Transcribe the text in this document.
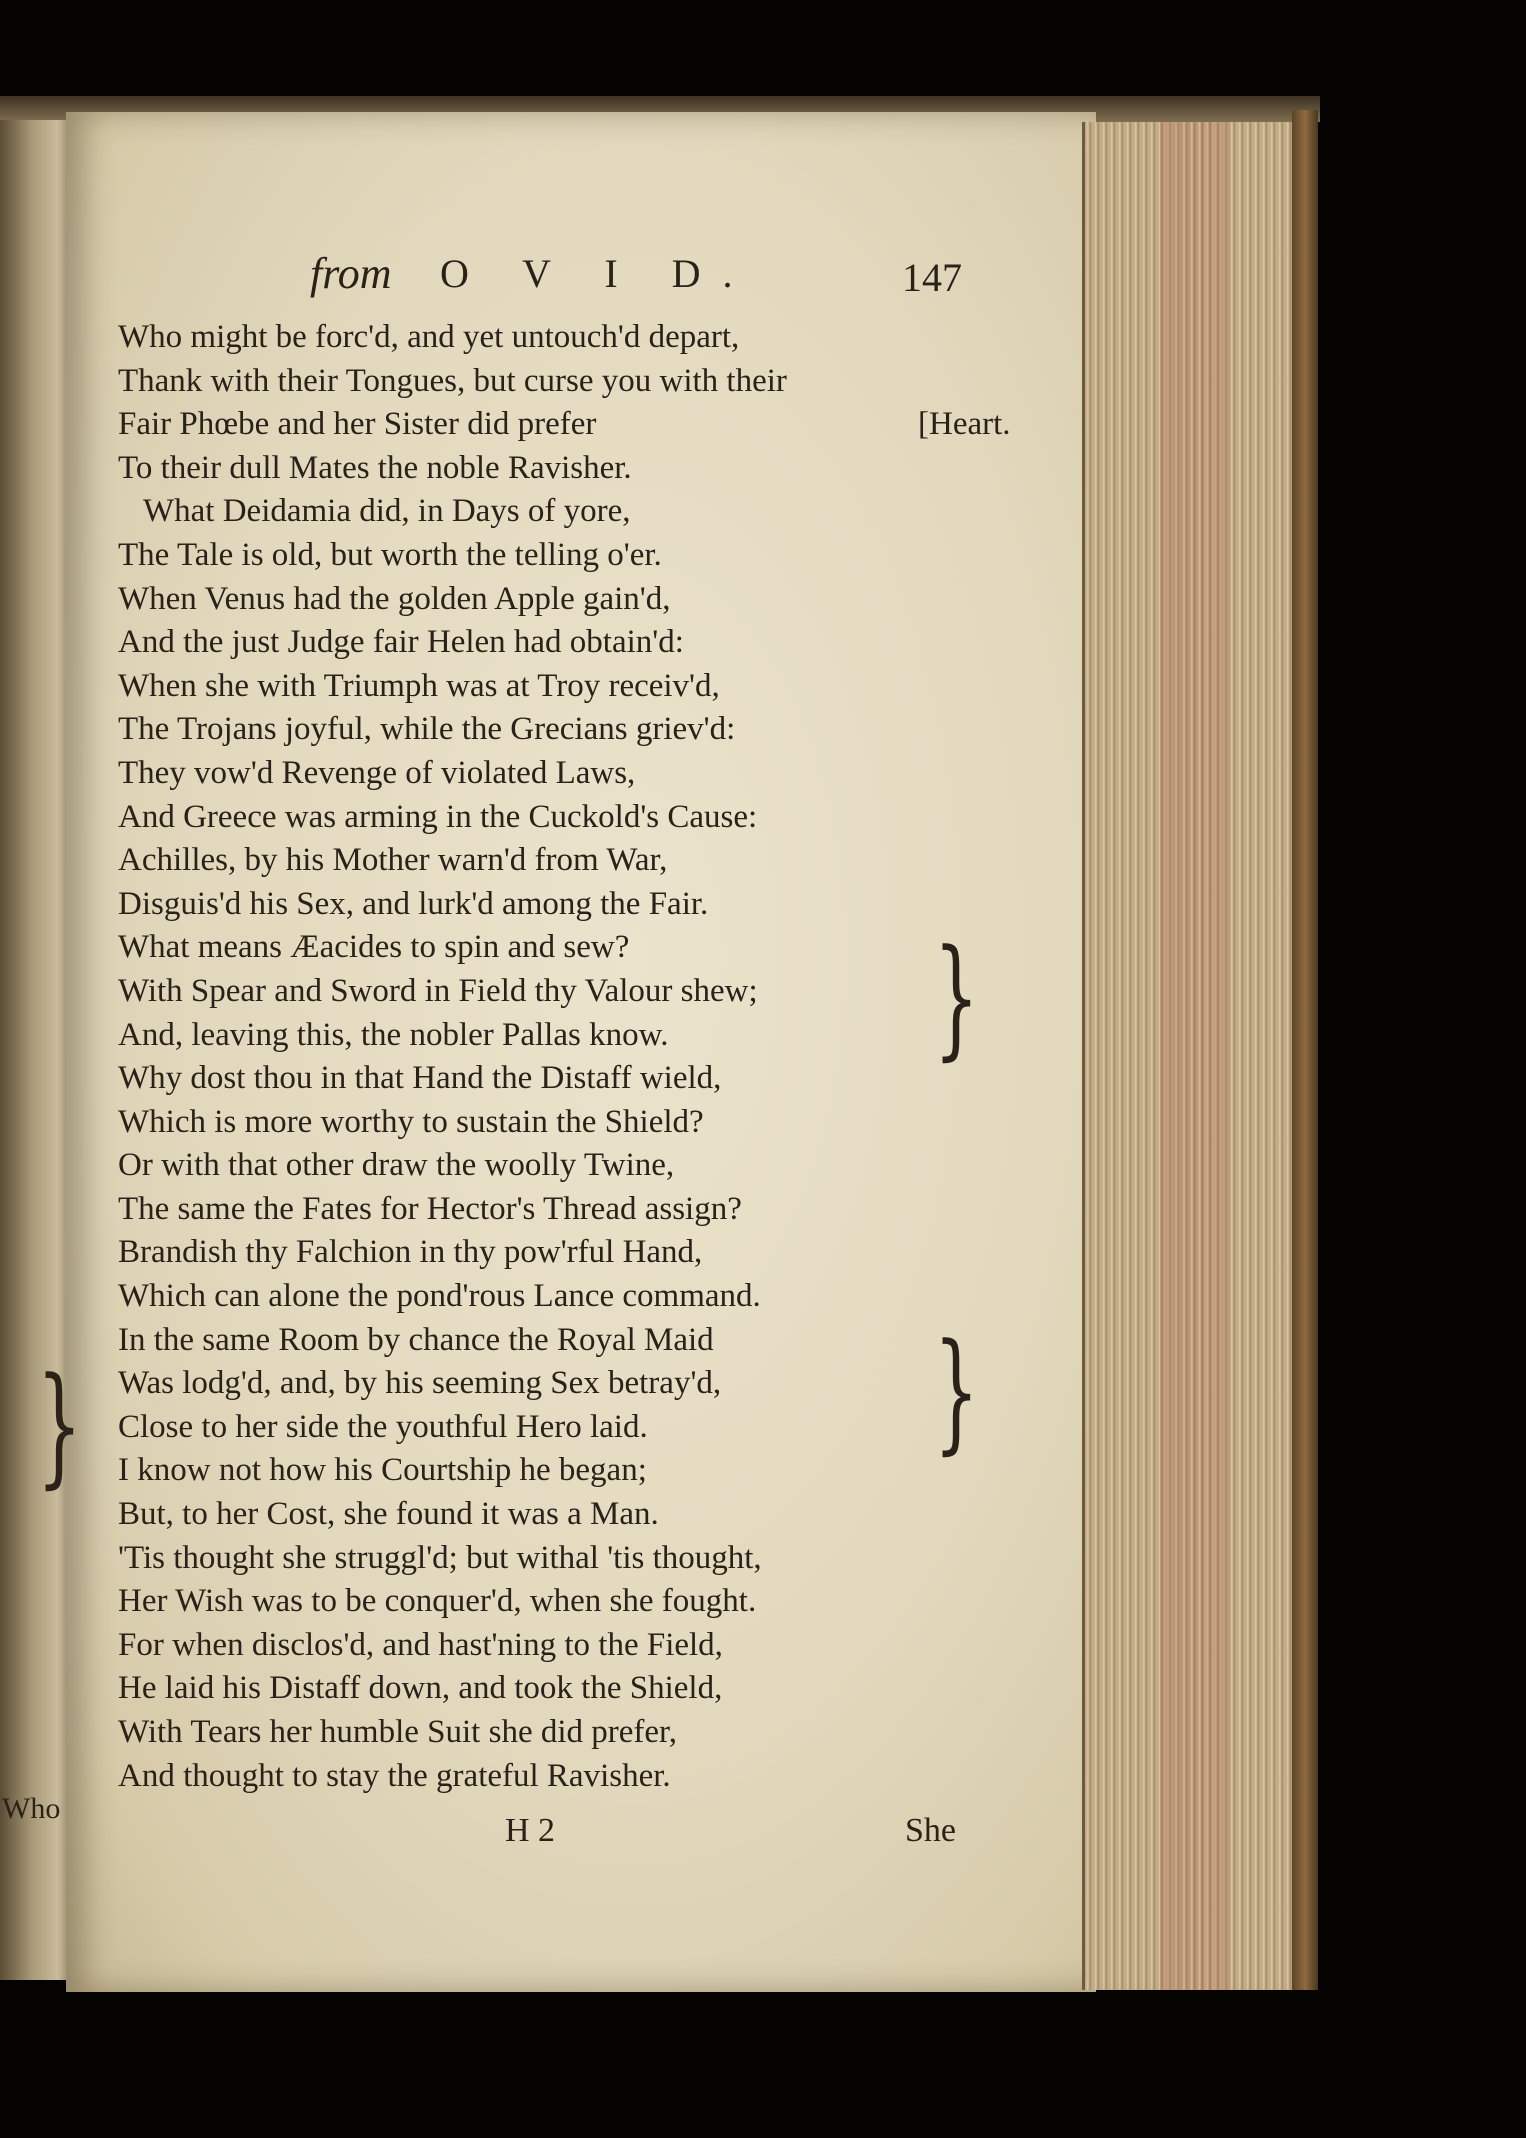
Who
from O V I D.	147
Who might be forc'd, and yet untouch'd depart,
Thank with their Tongues, but curse you with their
Fair Phœbe and her Sister did prefer	[Heart.
To their dull Mates the noble Ravisher.
What Deidamia did, in Days of yore,
The Tale is old, but worth the telling o'er.
When Venus had the golden Apple gain'd,
And the just Judge fair Helen had obtain'd:
When she with Triumph was at Troy receiv'd,
The Trojans joyful, while the Grecians griev'd:
They vow'd Revenge of violated Laws,
And Greece was arming in the Cuckold's Cause:
Achilles, by his Mother warn'd from War,
Disguis'd his Sex, and lurk'd among the Fair.
What means Æacides to spin and sew?
With Spear and Sword in Field thy Valour shew;
And, leaving this, the nobler Pallas know.
Why dost thou in that Hand the Distaff wield,
Which is more worthy to sustain the Shield?
Or with that other draw the woolly Twine,
The same the Fates for Hector's Thread assign?
Brandish thy Falchion in thy pow'rful Hand,
Which can alone the pond'rous Lance command.
In the same Room by chance the Royal Maid
Was lodg'd, and, by his seeming Sex betray'd,
Close to her side the youthful Hero laid.
I know not how his Courtship he began;
But, to her Cost, she found it was a Man.
'Tis thought she struggl'd; but withal 'tis thought,
Her Wish was to be conquer'd, when she fought.
For when disclos'd, and hast'ning to the Field,
He laid his Distaff down, and took the Shield,
With Tears her humble Suit she did prefer,
And thought to stay the grateful Ravisher.
}
}
}
H 2	She
